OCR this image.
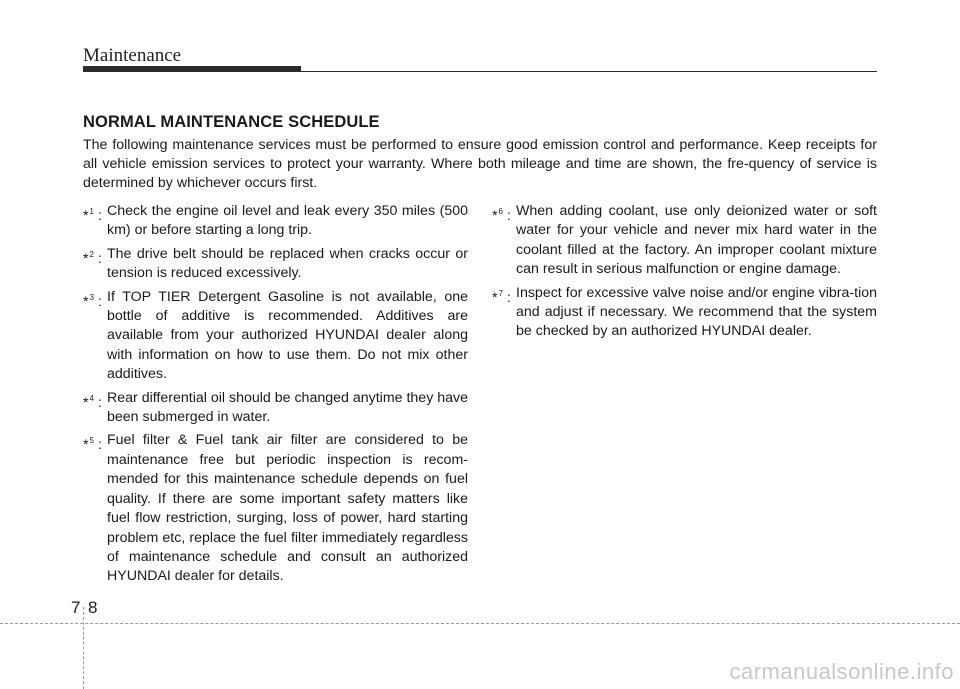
Maintenance
NORMAL MAINTENANCE SCHEDULE

The following maintenance services must be performed to ensure good emission control and performance. Keep receipts for all vehicle emission services to protect your warranty. Where both mileage and time are shown, the fre-quency of service is determined by whichever occurs first.

*$^1$ : Check the engine oil level and leak every 350 miles (500 km) or before starting a long trip.
*$^2$ : The drive belt should be replaced when cracks occur or tension is reduced excessively.
*$^3$ : If TOP TIER Detergent Gasoline is not available, one bottle of additive is recommended. Additives are available from your authorized HYUNDAI dealer along with information on how to use them. Do not mix other additives.
*$^4$ : Rear differential oil should be changed anytime they have been submerged in water.
*$^5$ : Fuel filter & Fuel tank air filter are considered to be maintenance free but periodic inspection is recom-mended for this maintenance schedule depends on fuel quality. If there are some important safety matters like fuel flow restriction, surging, loss of power, hard starting problem etc, replace the fuel filter immediately regardless of maintenance schedule and consult an authorized HYUNDAI dealer for details.
*$^6$ : When adding coolant, use only deionized water or soft water for your vehicle and never mix hard water in the coolant filled at the factory. An improper coolant mixture can result in serious malfunction or engine damage.
*$^7$ : Inspect for excessive valve noise and/or engine vibra-tion and adjust if necessary. We recommend that the system be checked by an authorized HYUNDAI dealer.
7 8
carmanualsonline.info
